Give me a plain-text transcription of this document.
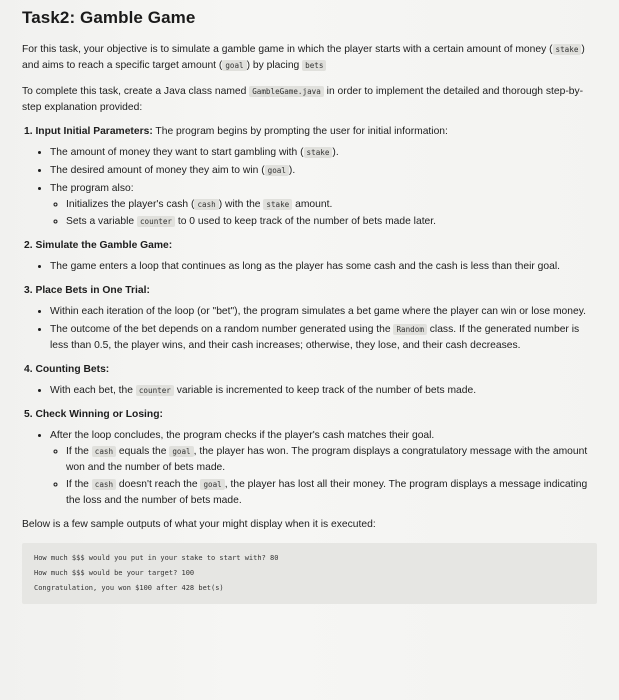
Task2: Gamble Game

For this task, your objective is to simulate a gamble game in which the player starts with a certain amount of money ( stake ) and aims to reach a specific target amount ( goal ) by placing bets

To complete this task, create a Java class named GambleGame.java in order to implement the detailed and thorough step-by-step explanation provided:

1. Input Initial Parameters: The program begins by prompting the user for initial information:
• The amount of money they want to start gambling with ( stake ).
• The desired amount of money they aim to win ( goal ).
• The program also:
◦ Initializes the player's cash ( cash ) with the stake amount.
◦ Sets a variable counter to 0 used to keep track of the number of bets made later.
2. Simulate the Gamble Game:
• The game enters a loop that continues as long as the player has some cash and the cash is less than their goal.
3. Place Bets in One Trial:
• Within each iteration of the loop (or "bet"), the program simulates a bet game where the player can win or lose money.
• The outcome of the bet depends on a random number generated using the Random class. If the generated number is less than 0.5, the player wins, and their cash increases; otherwise, they lose, and their cash decreases.
4. Counting Bets:
• With each bet, the counter variable is incremented to keep track of the number of bets made.
5. Check Winning or Losing:
• After the loop concludes, the program checks if the player's cash matches their goal.
◦ If the cash equals the goal , the player has won. The program displays a congratulatory message with the amount won and the number of bets made.
◦ If the cash doesn't reach the goal , the player has lost all their money. The program displays a message indicating the loss and the number of bets made.

Below is a few sample outputs of what your might display when it is executed:

How much $$$ would you put in your stake to start with? 80
How much $$$ would be your target? 100
Congratulation, you won $100 after 428 bet(s)
